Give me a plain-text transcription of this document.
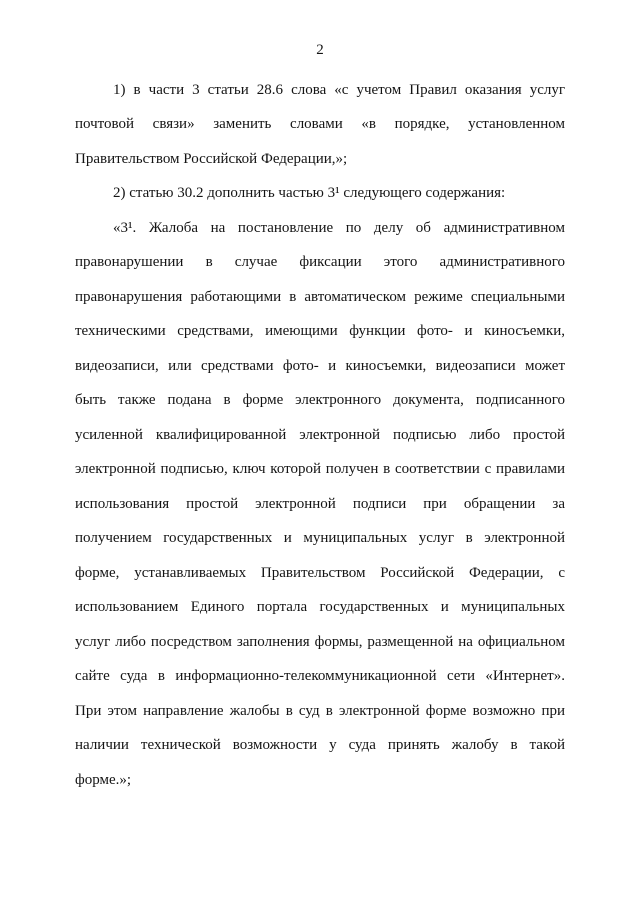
2
1) в части 3 статьи 28.6 слова «с учетом Правил оказания услуг
почтовой связи» заменить словами «в порядке, установленном
Правительством Российской Федерации,»;
2) статью 30.2 дополнить частью 3¹ следующего содержания:
«3¹. Жалоба на постановление по делу об административном
правонарушении в случае фиксации этого административного
правонарушения работающими в автоматическом режиме специальными
техническими средствами, имеющими функции фото- и киносъемки,
видеозаписи, или средствами фото- и киносъемки, видеозаписи может
быть также подана в форме электронного документа, подписанного
усиленной квалифицированной электронной подписью либо простой
электронной подписью, ключ которой получен в соответствии с правилами
использования простой электронной подписи при обращении за
получением государственных и муниципальных услуг в электронной
форме, устанавливаемых Правительством Российской Федерации, с
использованием Единого портала государственных и муниципальных
услуг либо посредством заполнения формы, размещенной на официальном
сайте суда в информационно-телекоммуникационной сети «Интернет».
При этом направление жалобы в суд в электронной форме возможно при
наличии технической возможности у суда принять жалобу в такой
форме.»;
